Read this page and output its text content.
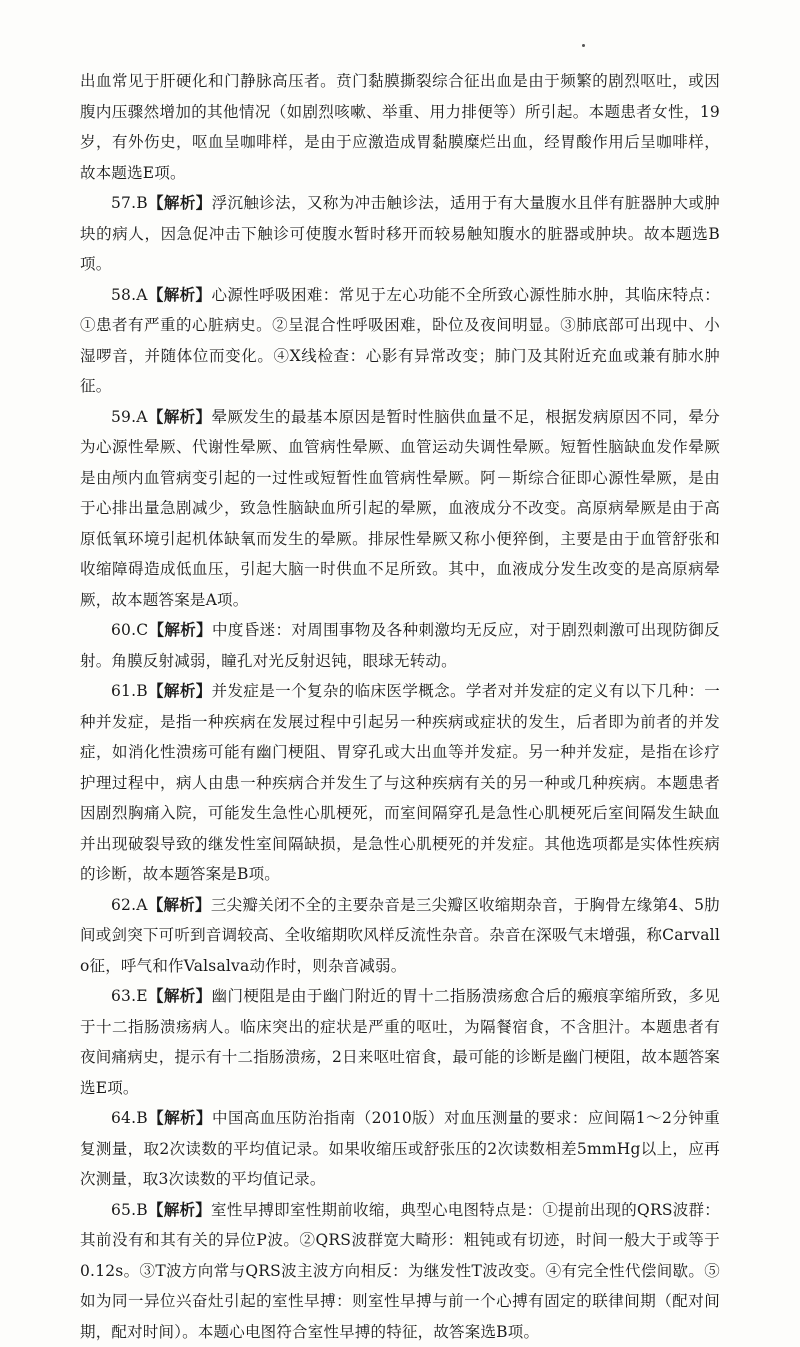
出血常见于肝硬化和门静脉高压者。贲门黏膜撕裂综合征出血是由于频繁的剧烈呕吐，或因腹内压骤然增加的其他情况（如剧烈咳嗽、举重、用力排便等）所引起。本题患者女性，19岁，有外伤史，呕血呈咖啡样，是由于应激造成胃黏膜糜烂出血，经胃酸作用后呈咖啡样，故本题选E项。

57.B【解析】浮沉触诊法，又称为冲击触诊法，适用于有大量腹水且伴有脏器肿大或肿块的病人，因急促冲击下触诊可使腹水暂时移开而较易触知腹水的脏器或肿块。故本题选B项。

58.A【解析】心源性呼吸困难：常见于左心功能不全所致心源性肺水肿，其临床特点：①患者有严重的心脏病史。②呈混合性呼吸困难，卧位及夜间明显。③肺底部可出现中、小湿啰音，并随体位而变化。④X线检查：心影有异常改变；肺门及其附近充血或兼有肺水肿征。

59.A【解析】晕厥发生的最基本原因是暂时性脑供血量不足，根据发病原因不同，晕分为心源性晕厥、代谢性晕厥、血管病性晕厥、血管运动失调性晕厥。短暂性脑缺血发作晕厥是由颅内血管病变引起的一过性或短暂性血管病性晕厥。阿－斯综合征即心源性晕厥，是由于心排出量急剧减少，致急性脑缺血所引起的晕厥，血液成分不改变。高原病晕厥是由于高原低氧环境引起机体缺氧而发生的晕厥。排尿性晕厥又称小便猝倒，主要是由于血管舒张和收缩障碍造成低血压，引起大脑一时供血不足所致。其中，血液成分发生改变的是高原病晕厥，故本题答案是A项。

60.C【解析】中度昏迷：对周围事物及各种刺激均无反应，对于剧烈刺激可出现防御反射。角膜反射减弱，瞳孔对光反射迟钝，眼球无转动。

61.B【解析】并发症是一个复杂的临床医学概念。学者对并发症的定义有以下几种：一种并发症，是指一种疾病在发展过程中引起另一种疾病或症状的发生，后者即为前者的并发症，如消化性溃疡可能有幽门梗阻、胃穿孔或大出血等并发症。另一种并发症，是指在诊疗护理过程中，病人由患一种疾病合并发生了与这种疾病有关的另一种或几种疾病。本题患者因剧烈胸痛入院，可能发生急性心肌梗死，而室间隔穿孔是急性心肌梗死后室间隔发生缺血并出现破裂导致的继发性室间隔缺损，是急性心肌梗死的并发症。其他选项都是实体性疾病的诊断，故本题答案是B项。

62.A【解析】三尖瓣关闭不全的主要杂音是三尖瓣区收缩期杂音，于胸骨左缘第4、5肋间或剑突下可听到音调较高、全收缩期吹风样反流性杂音。杂音在深吸气末增强，称Carvallo征，呼气和作Valsalva动作时，则杂音减弱。

63.E【解析】幽门梗阻是由于幽门附近的胃十二指肠溃疡愈合后的瘢痕挛缩所致，多见于十二指肠溃疡病人。临床突出的症状是严重的呕吐，为隔餐宿食，不含胆汁。本题患者有夜间痛病史，提示有十二指肠溃疡，2日来呕吐宿食，最可能的诊断是幽门梗阻，故本题答案选E项。

64.B【解析】中国高血压防治指南（2010版）对血压测量的要求：应间隔1～2分钟重复测量，取2次读数的平均值记录。如果收缩压或舒张压的2次读数相差5mmHg以上，应再次测量，取3次读数的平均值记录。

65.B【解析】室性早搏即室性期前收缩，典型心电图特点是：①提前出现的QRS波群：其前没有和其有关的异位P波。②QRS波群宽大畸形：粗钝或有切迹，时间一般大于或等于0.12s。③T波方向常与QRS波主波方向相反：为继发性T波改变。④有完全性代偿间歇。⑤如为同一异位兴奋灶引起的室性早搏：则室性早搏与前一个心搏有固定的联律间期（配对间期，配对时间）。本题心电图符合室性早搏的特征，故答案选B项。
